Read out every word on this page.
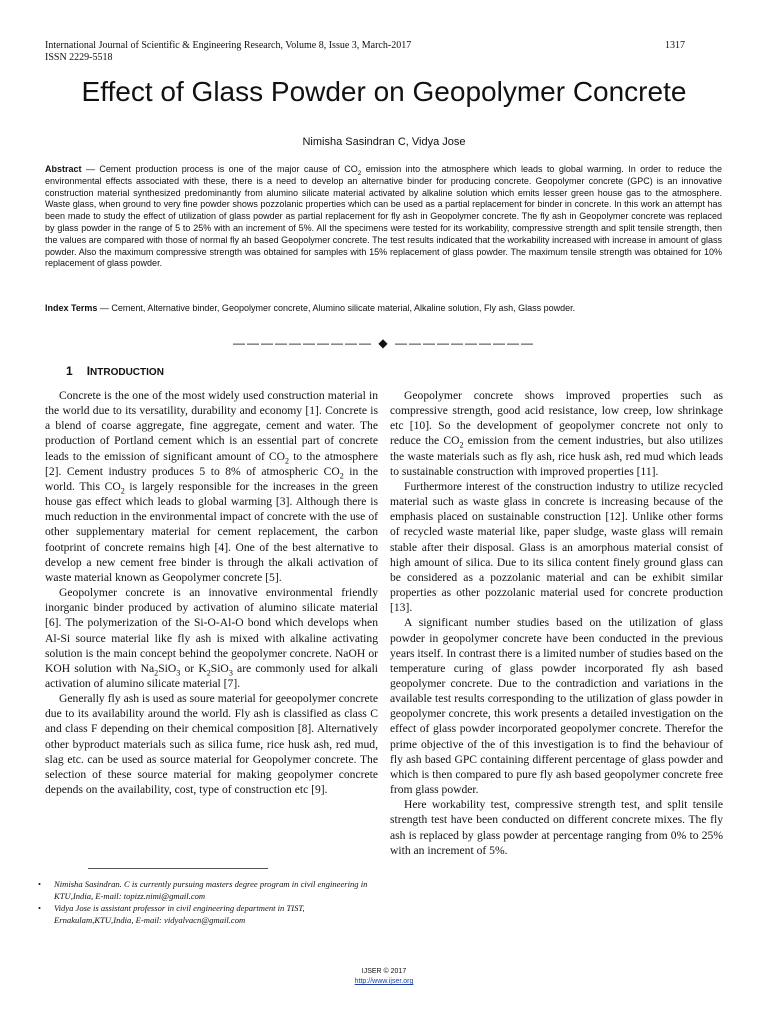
International Journal of Scientific & Engineering Research, Volume 8, Issue 3, March-2017
ISSN 2229-5518
1317
Effect of Glass Powder on Geopolymer Concrete
Nimisha Sasindran C, Vidya Jose

Abstract — Cement production process is one of the major cause of $CO_2$ emission into the atmosphere which leads to global warming. In order to reduce the environmental effects associated with these, there is a need to develop an alternative binder for producing concrete. Geopolymer concrete (GPC) is an innovative construction material synthesized predominantly from alumino silicate material activated by alkaline solution which emits lesser green house gas to the atmosphere. Waste glass, when ground to very fine powder shows pozzolanic properties which can be used as a partial replacement for binder in concrete. In this work an attempt has been made to study the effect of utilization of glass powder as partial replacement for fly ash in Geopolymer concrete. The fly ash in Geopolymer concrete was replaced by glass powder in the range of 5 to 25% with an increment of 5%. All the specimens were tested for its workability, compressive strength and split tensile strength, then the values are compared with those of normal fly ah based Geopolymer concrete. The test results indicated that the workability increased with increase in amount of glass powder. Also the maximum compressive strength was obtained for samples with 15% replacement of glass powder. The maximum tensile strength was obtained for 10% replacement of glass powder.

Index Terms — Cement, Alternative binder, Geopolymer concrete, Alumino silicate material, Alkaline solution, Fly ash, Glass powder.

—————————— ◆ ——————————
1 INTRODUCTION

Concrete is the one of the most widely used construction material in the world due to its versatility, durability and economy [1]. Concrete is a blend of coarse aggregate, fine aggregate, cement and water. The production of Portland cement which is an essential part of concrete leads to the emission of significant amount of $CO_2$ to the atmosphere [2]. Cement industry produces 5 to 8% of atmospheric $CO_2$ in the world. This $CO_2$ is largely responsible for the increases in the green house gas effect which leads to global warming [3]. Although there is much reduction in the environmental impact of concrete with the use of other supplementary material for cement replacement, the carbon footprint of concrete remains high [4]. One of the best alternative to develop a new cement free binder is through the alkali activation of waste material known as Geopolymer concrete [5].

Geopolymer concrete is an innovative environmental friendly inorganic binder produced by activation of alumino silicate material [6]. The polymerization of the Si-O-Al-O bond which develops when Al-Si source material like fly ash is mixed with alkaline activating solution is the main concept behind the geopolymer concrete. NaOH or KOH solution with $Na_2SiO_3$ or $K_2SiO_3$ are commonly used for alkali activation of alumino silicate material [7].

Generally fly ash is used as soure material for geeopolymer concrete due to its availability around the world. Fly ash is classified as class C and class F depending on their chemical composition [8]. Alternatively other byproduct materials such as silica fume, rice husk ash, red mud, slag etc. can be used as source material for Geopolymer concrete. The selection of these source material for making geopolymer concrete depends on the availability, cost, type of construction etc [9].

Geopolymer concrete shows improved properties such as compressive strength, good acid resistance, low creep, low shrinkage etc [10]. So the development of geopolymer concrete not only to reduce the $CO_2$ emission from the cement industries, but also utilizes the waste materials such as fly ash, rice husk ash, red mud which leads to sustainable construction with improved properties [11].

Furthermore interest of the construction industry to utilize recycled material such as waste glass in concrete is increasing because of the emphasis placed on sustainable construction [12]. Unlike other forms of recycled waste material like, paper sludge, waste glass will remain stable after their disposal. Glass is an amorphous material consist of high amount of silica. Due to its silica content finely ground glass can be considered as a pozzolanic material and can be exhibit similar properties as other pozzolanic material used for concrete production [13].

A significant number studies based on the utilization of glass powder in geopolymer concrete have been conducted in the previous years itself. In contrast there is a limited number of studies based on the temperature curing of glass powder incorporated fly ash based geopolymer concrete. Due to the contradiction and variations in the available test results corresponding to the utilization of glass powder in geopolymer concrete, this work presents a detailed investigation on the effect of glass powder incorporated geopolymer concrete. Therefor the prime objective of the of this investigation is to find the behaviour of fly ash based GPC containing different percentage of glass powder and which is then compared to pure fly ash based geopolymer concrete free from glass powder.

Here workability test, compressive strength test, and split tensile strength test have been conducted on different concrete mixes. The fly ash is replaced by glass powder at percentage ranging from 0% to 25% with an increment of 5%.

• Nimisha Sasindran. C is currently pursuing masters degree program in civil engineering in KTU,India, E-mail: topizz.nimi@gmail.com
• Vidya Jose is assistant professor in civil engineering department in TIST, Ernakulam,KTU,India, E-mail: vidyalvacn@gmail.com
IJSER © 2017
http://www.ijser.org
